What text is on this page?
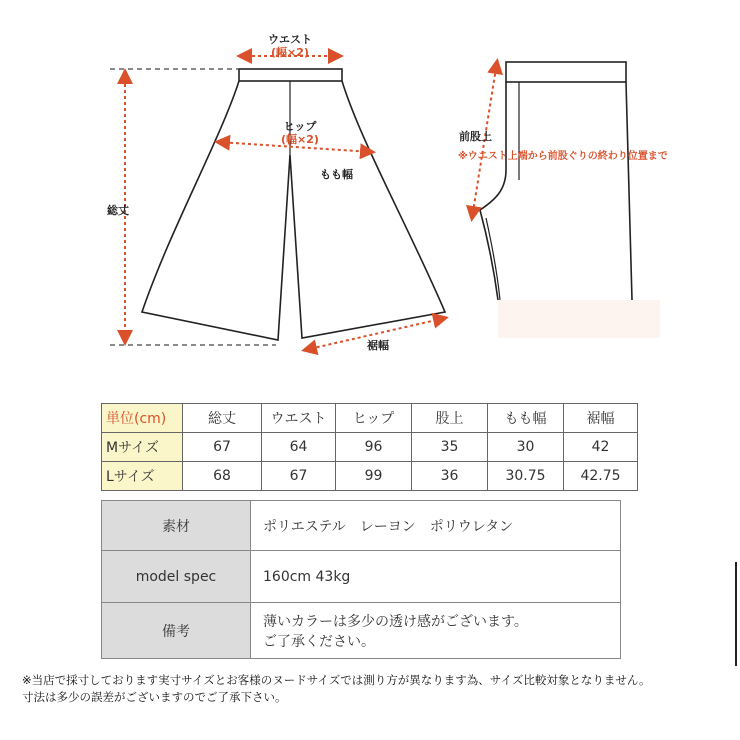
ウエスト
(幅×2)
ヒップ
(幅×2)
もも幅
総丈
裾幅
前股上
※ウエスト上端から前股ぐりの終わり位置まで
単位(cm)	総丈	ウエスト	ヒップ	股上	もも幅	裾幅
Mサイズ	67	64	96	35	30	42
Lサイズ	68	67	99	36	30.75	42.75
素材	ポリエステル　レーヨン　ポリウレタン
model spec	160cm 43kg
備考	薄いカラーは多少の透け感がございます。
ご了承ください。
※当店で採寸しております実寸サイズとお客様のヌードサイズでは測り方が異なります為、サイズ比較対象となりません。
寸法は多少の誤差がございますのでご了承下さい。
